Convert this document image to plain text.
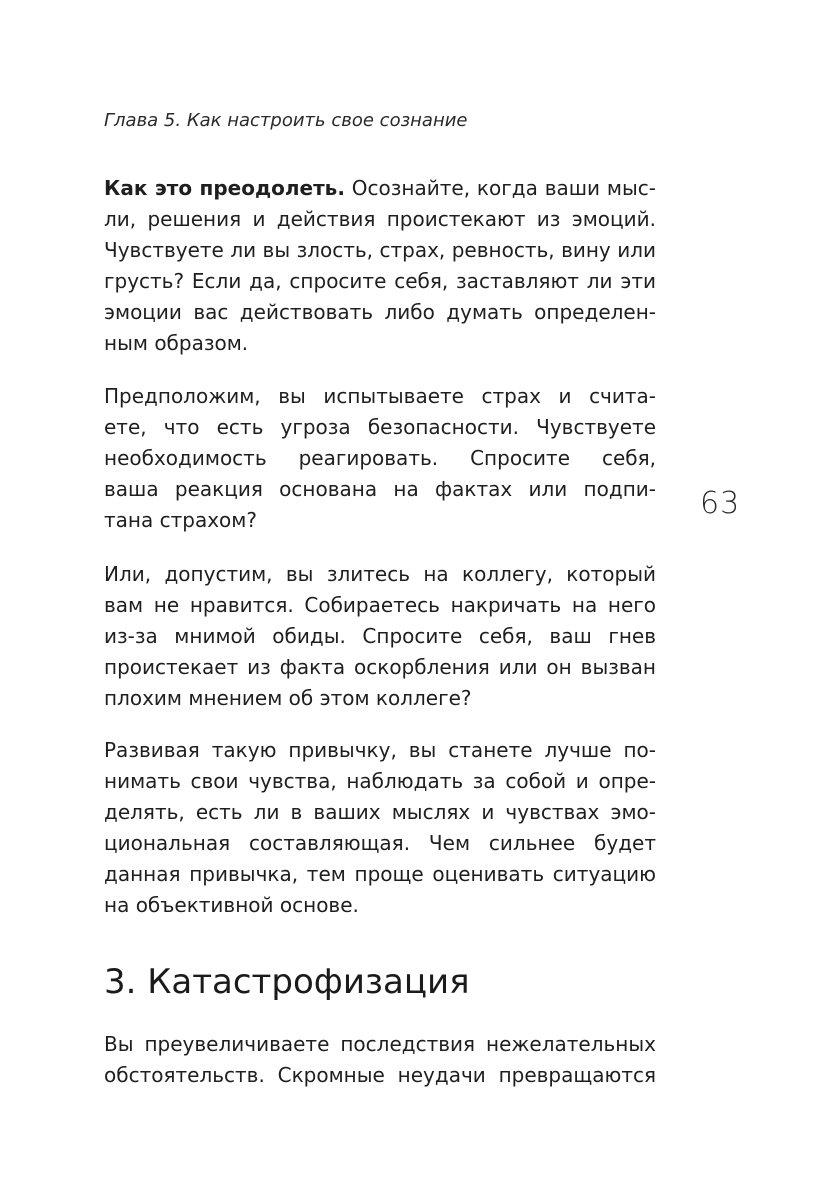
Глава 5. Как настроить свое сознание
63
Как это преодолеть. Осознайте, когда ваши мыс-
ли, решения и действия проистекают из эмоций.
Чувствуете ли вы злость, страх, ревность, вину или
грусть? Если да, спросите себя, заставляют ли эти
эмоции вас действовать либо думать определен-
ным образом.
Предположим, вы испытываете страх и счита-
ете, что есть угроза безопасности. Чувствуете
необходимость реагировать. Спросите себя,
ваша реакция основана на фактах или подпи-
тана страхом?
Или, допустим, вы злитесь на коллегу, который
вам не нравится. Собираетесь накричать на него
из-за мнимой обиды. Спросите себя, ваш гнев
проистекает из факта оскорбления или он вызван
плохим мнением об этом коллеге?
Развивая такую привычку, вы станете лучше по-
нимать свои чувства, наблюдать за собой и опре-
делять, есть ли в ваших мыслях и чувствах эмо-
циональная составляющая. Чем сильнее будет
данная привычка, тем проще оценивать ситуацию
на объективной основе.
3. Катастрофизация
Вы преувеличиваете последствия нежелательных
обстоятельств. Скромные неудачи превращаются
